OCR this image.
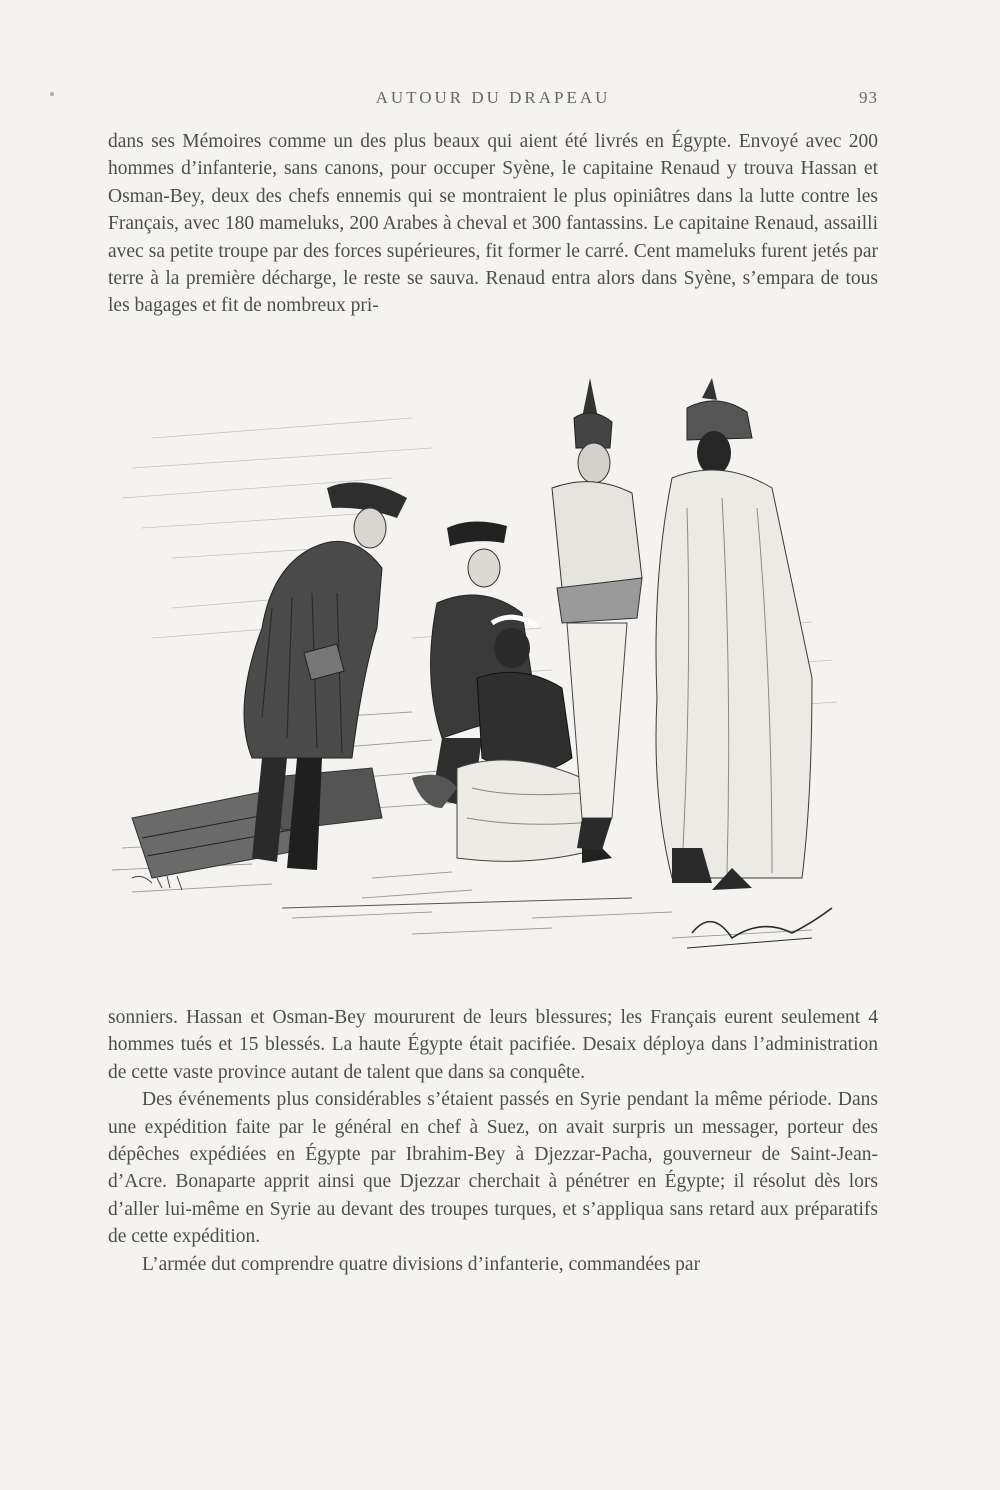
AUTOUR DU DRAPEAU	93

dans ses Mémoires comme un des plus beaux qui aient été livrés en Égypte. Envoyé avec 200 hommes d’infanterie, sans canons, pour occuper Syène, le capitaine Renaud y trouva Hassan et Osman-Bey, deux des chefs ennemis qui se montraient le plus opiniâtres dans la lutte contre les Français, avec 180 mameluks, 200 Arabes à cheval et 300 fantassins. Le capitaine Renaud, assailli avec sa petite troupe par des forces supérieures, fit former le carré. Cent mameluks furent jetés par terre à la première décharge, le reste se sauva. Renaud entra alors dans Syène, s’empara de tous les bagages et fit de nombreux pri-

sonniers. Hassan et Osman-Bey moururent de leurs blessures; les Français eurent seulement 4 hommes tués et 15 blessés. La haute Égypte était pacifiée. Desaix déploya dans l’administration de cette vaste province autant de talent que dans sa conquête.

Des événements plus considérables s’étaient passés en Syrie pendant la même période. Dans une expédition faite par le général en chef à Suez, on avait surpris un messager, porteur des dépêches expédiées en Égypte par Ibrahim-Bey à Djezzar-Pacha, gouverneur de Saint-Jean-d’Acre. Bonaparte apprit ainsi que Djezzar cherchait à pénétrer en Égypte; il résolut dès lors d’aller lui-même en Syrie au devant des troupes turques, et s’appliqua sans retard aux préparatifs de cette expédition.

L’armée dut comprendre quatre divisions d’infanterie, commandées par
